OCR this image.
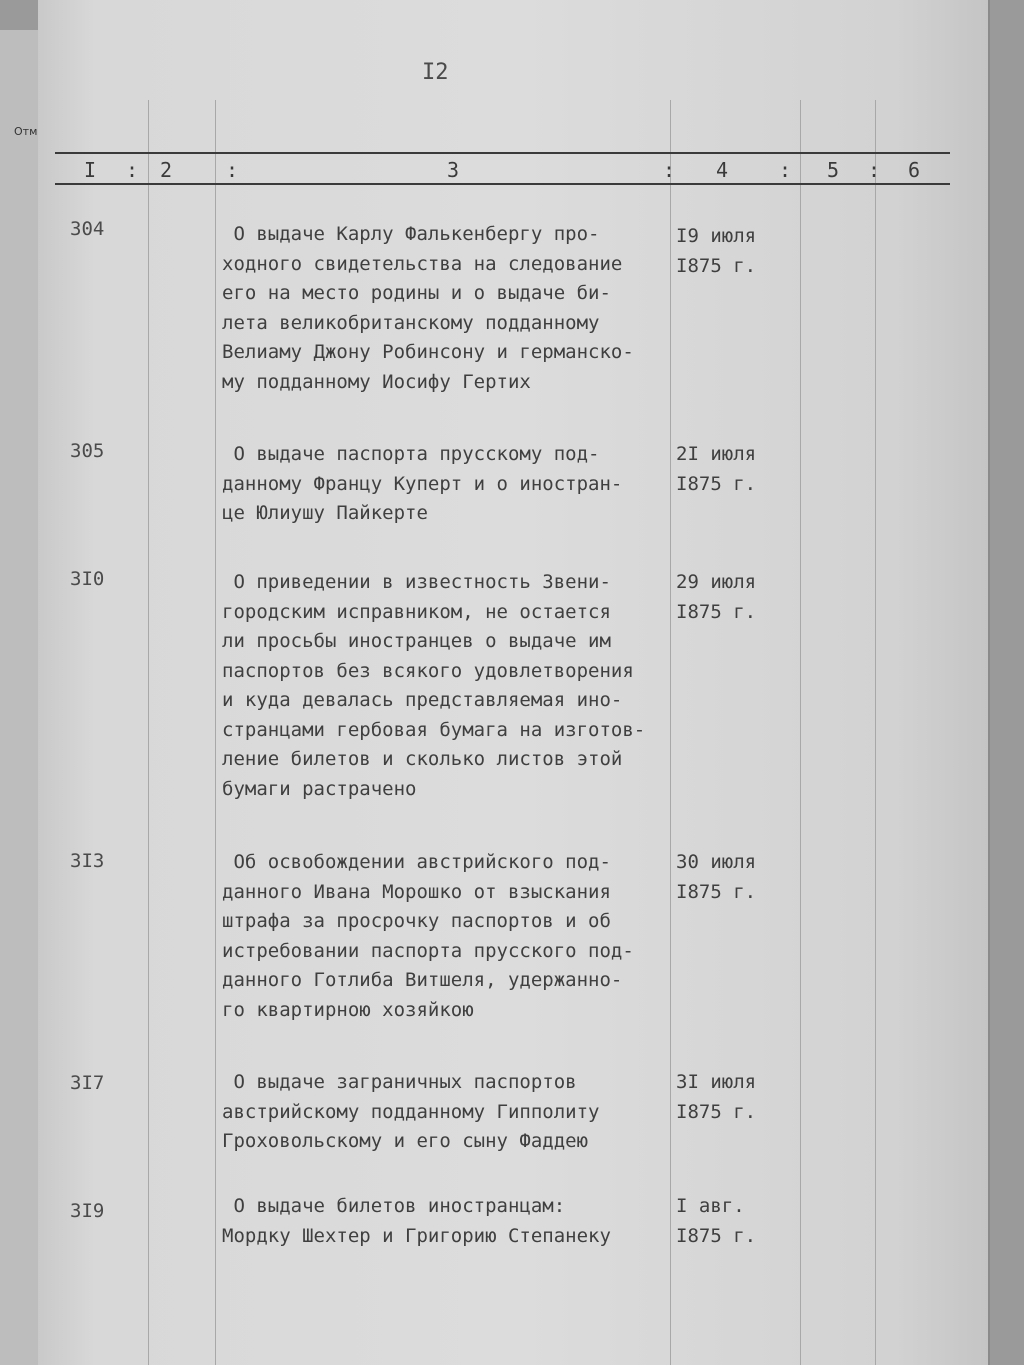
Отм
I2
I : 2	:	3	: 4	: 5 : 6
304	О выдаче Карлу Фалькенбергу про-
ходного свидетельства на следование
его на место родины и о выдаче би-
лета великобританскому подданному
Велиаму Джону Робинсону и германско-
му подданному Иосифу Гертих
I9 июля
I875 г.
305	О выдаче паспорта прусскому под-
данному Францу Куперт и о иностран-
це Юлиушу Пайкерте
2I июля
I875 г.
3I0	О приведении в известность Звени-
городским исправником, не остается
ли просьбы иностранцев о выдаче им
паспортов без всякого удовлетворения
и куда девалась представляемая ино-
странцами гербовая бумага на изготов-
ление билетов и сколько листов этой
бумаги растрачено
29 июля
I875 г.
3I3	Об освобождении австрийского под-
данного Ивана Морошко от взыскания
штрафа за просрочку паспортов и об
истребовании паспорта прусского под-
данного Готлиба Витшеля, удержанно-
го квартирною хозяйкою
30 июля
I875 г.
3I7	О выдаче заграничных паспортов
австрийскому подданному Гипполиту
Гроховольскому и его сыну Фаддею
3I июля
I875 г.
3I9	О выдаче билетов иностранцам:
Мордку Шехтер и Григорию Степанеку
I авг.
I875 г.
